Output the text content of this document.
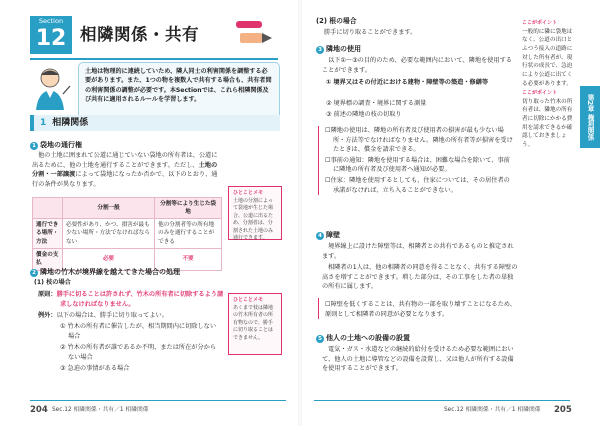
Section
12 相隣関係・共有
土地は物理的に連続していため、隣人同士の利害関係を調整する必要があります。また、1つの物を複数人で共有する場合も、共有者間の利害関係の調整が必要です。本Sectionでは、これら相隣関係及び共有に適用されるルールを学習します。
1 相隣関係
1 袋地の通行権
他の土地に囲まれて公道に通じていない袋地の所有者は、公道に出るために、他の土地を通行することができます。ただし、土地の分割・一部譲渡によって袋地になったか否かで、以下のとおり、通行の条件が異なります。
ひとことメモ
土地の分割によって袋地が生じた場合、公道に出るため、分割者は、分割された土地のみ通行できます。
	分割一般	分割等により生じた袋地
通行できる場所・方法	必要性があり、かつ、損害が最も少ない場所・方法でなければならない	他の分割者等の所有地のみを通行することができる
償金の支払	必要	不要
2 隣地の竹木が境界線を越えてきた場合の処理
(1) 枝の場合
原則：勝手に切ることは許されず、竹木の所有者に切除するよう請求しなければなりません。
例外：以下の場合は、勝手に切り取ってよい。
① 竹木の所有者に催告したが、相当期間内に切除しない場合
② 竹木の所有者が誰であるか不明、または所在が分からない場合
③ 急迫の事情がある場合
ひとことメモ
あくまで枝は隣地の竹木所有者の所有物なので、勝手に切り取ることはできません。
204 Sec.12 相隣関係・共有／1 相隣関係
(2) 根の場合
勝手に切り取ることができます。
3 隣地の使用
以下①〜③の目的のため、必要な範囲内において、隣地を使用することができます。
① 境界又はその付近における建物・障壁等の築造・修繕等
② 境界標の調査・境界に関する測量
③ 前述の隣地の枝の切取り
☐隣地の使用は、隣地の所有者及び使用者の損害が最も少ない場所・方法等でなければなりません。隣地の所有者等が損害を受けたときは、償金を請求できる。
☐事前の通知：隣地を使用する場合は、困難な場合を除いて、事前に隣地の所有者及び使用者へ通知が必要。
☐住家：隣地を使用するとしても、住家については、その居住者の承諾がなければ、立ち入ることができない。
4 障壁
境界線上に設けた障壁等は、相隣者との共有であるものと推定されます。
相隣者の1人は、他の相隣者の同意を得ることなく、共有する障壁の高さを増すことができます。増した部分は、その工事をした者の単独の所有に属します。
☐障壁を低くすることは、共有物の一部を取り壊すことになるため、原則として相隣者の同意が必要となります。
5 他人の土地への設備の設置
電気・ガス・水道などの継続的給付を受けるため必要な範囲において、他人の土地に導管などの設備を設置し、又は他人が所有する設備を使用することができます。
ここがポイント
一般的に隣に袋地はなく、公道の出口とふつう接入の道路に対した所有者が、現行状の成長で、急迫により公道に出てくる必要があります。
ここがポイント
切り取った竹木の所有者は、隣地の所有者に切除にかかる費用を請求できるか確認しておきましょう。
第2章 権利関係
Sec.12 相隣関係・共有／1 相隣関係 205
